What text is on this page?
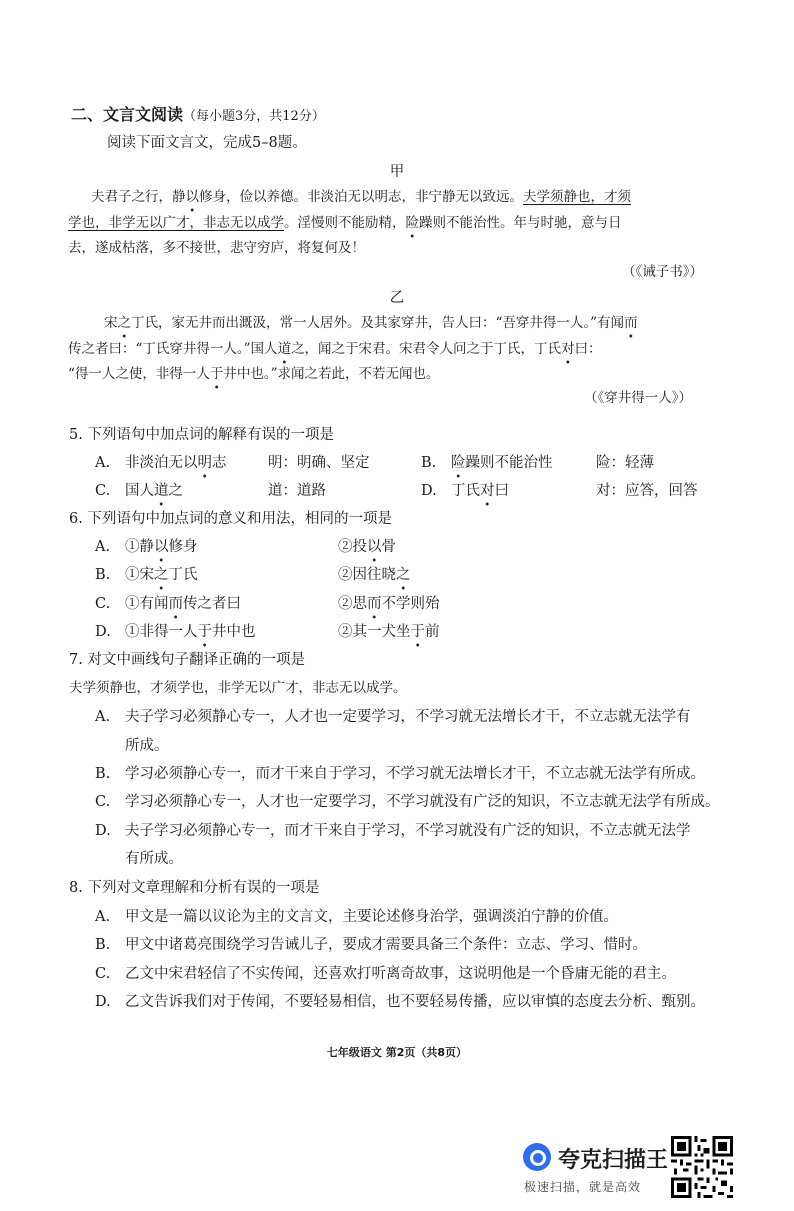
二、文言文阅读（每小题3分，共12分）
阅读下面文言文，完成5–8题。
甲
夫君子之行，静以修身，俭以养德。非淡泊无以明志，非宁静无以致远。夫学须静也，才须
学也，非学无以广才，非志无以成学。淫慢则不能励精，险躁则不能治性。年与时驰，意与日
去，遂成枯落，多不接世，悲守穷庐，将复何及！
（《诫子书》）
乙
宋之丁氏，家无井而出溉汲，常一人居外。及其家穿井，告人曰：“吾穿井得一人。”有闻而
传之者曰：“丁氏穿井得一人。”国人道之，闻之于宋君。宋君令人问之于丁氏，丁氏对曰：
“得一人之使，非得一人于井中也。”求闻之若此，不若无闻也。
（《穿井得一人》）
5. 下列语句中加点词的解释有误的一项是
A. 非淡泊无以明志	明：明确、坚定	B. 险躁则不能治性	险：轻薄
C. 国人道之	道：道路	D. 丁氏对曰	对：应答，回答
6. 下列语句中加点词的意义和用法，相同的一项是
A. ①静以修身	②投以骨
B. ①宋之丁氏	②因往晓之
C. ①有闻而传之者曰	②思而不学则殆
D. ①非得一人于井中也	②其一犬坐于前
7. 对文中画线句子翻译正确的一项是
夫学须静也，才须学也，非学无以广才，非志无以成学。
A. 夫子学习必须静心专一，人才也一定要学习，不学习就无法增长才干，不立志就无法学有
所成。
B. 学习必须静心专一，而才干来自于学习，不学习就无法增长才干，不立志就无法学有所成。
C. 学习必须静心专一，人才也一定要学习，不学习就没有广泛的知识，不立志就无法学有所成。
D. 夫子学习必须静心专一，而才干来自于学习，不学习就没有广泛的知识，不立志就无法学
有所成。
8. 下列对文章理解和分析有误的一项是
A. 甲文是一篇以议论为主的文言文，主要论述修身治学，强调淡泊宁静的价值。
B. 甲文中诸葛亮围绕学习告诫儿子，要成才需要具备三个条件：立志、学习、惜时。
C. 乙文中宋君轻信了不实传闻，还喜欢打听离奇故事，这说明他是一个昏庸无能的君主。
D. 乙文告诉我们对于传闻，不要轻易相信，也不要轻易传播，应以审慎的态度去分析、甄别。
七年级语文 第2页（共8页）
夸克扫描王
极速扫描，就是高效
